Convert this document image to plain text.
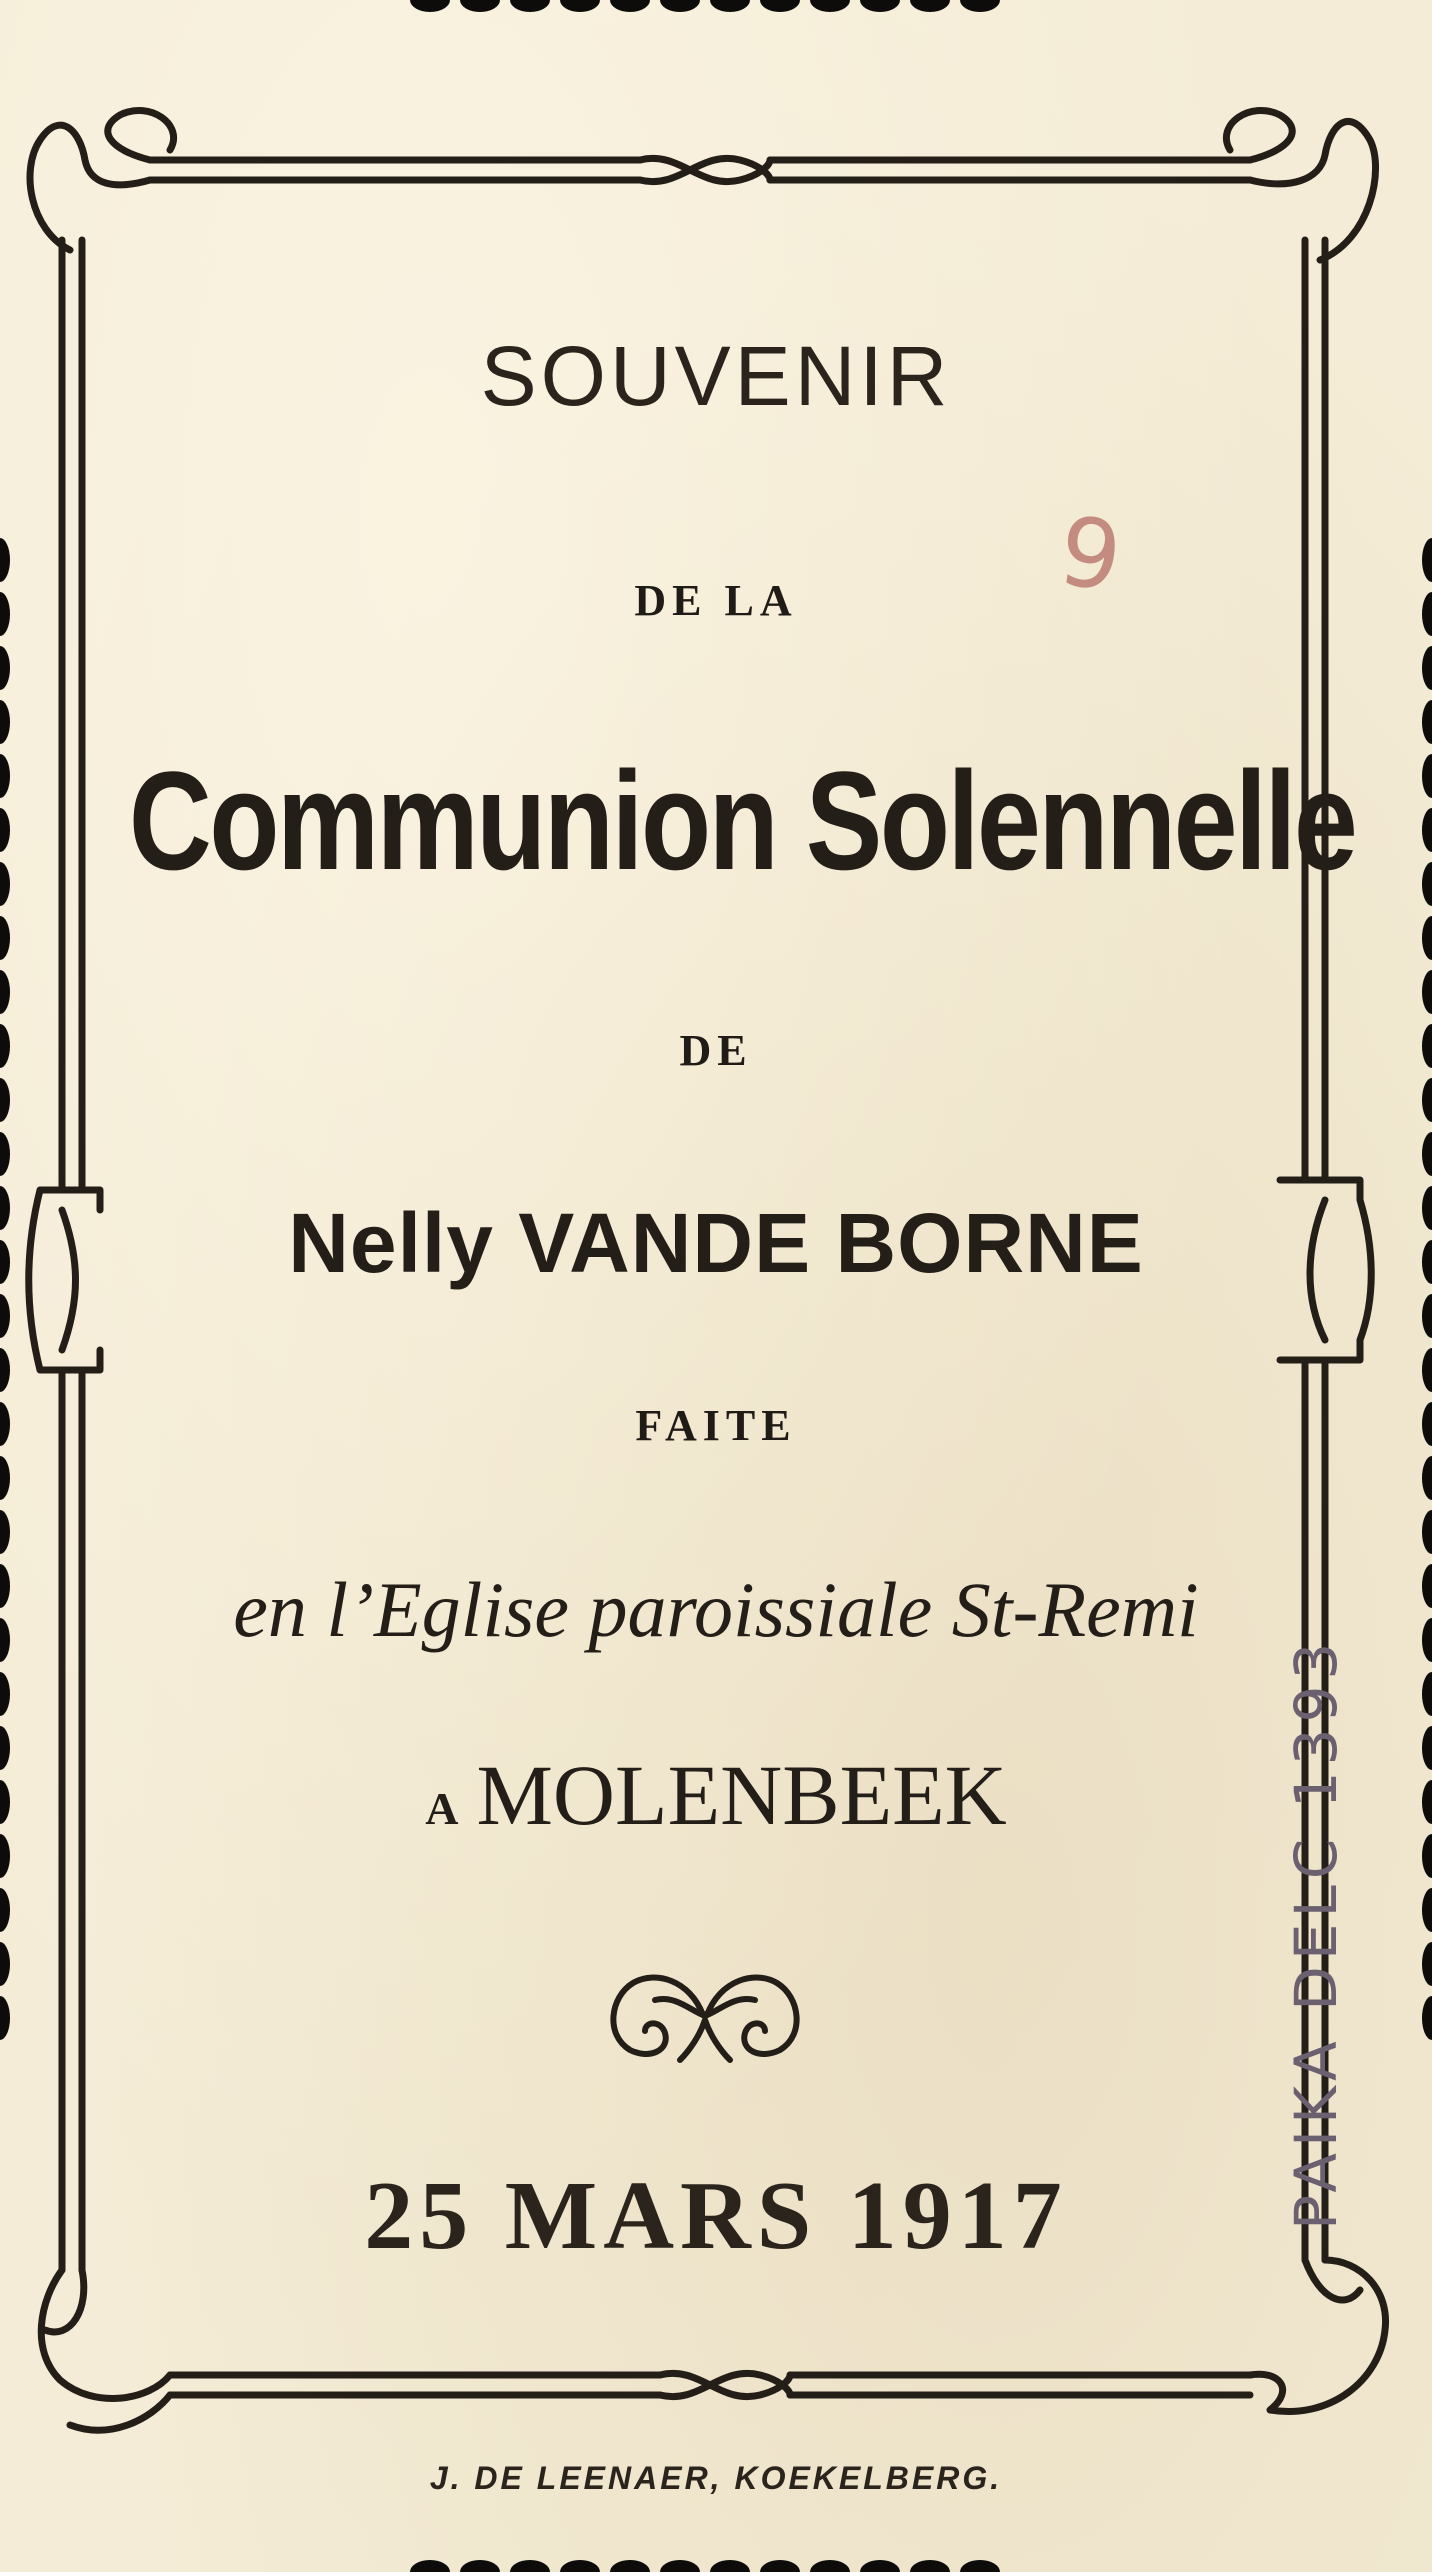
souvenir
DE LA
Communion Solennelle
DE
Nelly VANDE BORNE
FAITE
en l’Eglise paroissiale St-Remi
A MOLENBEEK
25 MARS 1917
J. DE LEENAER, KOEKELBERG.
9
PAIKA DELC 1393
